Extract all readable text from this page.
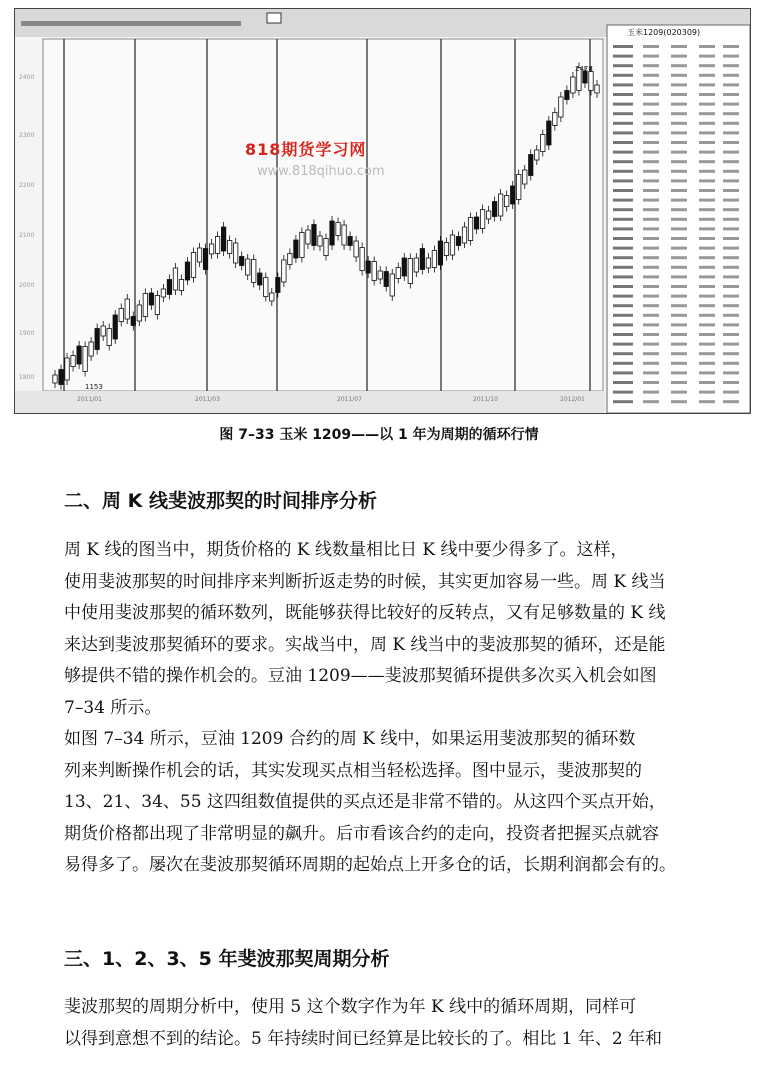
2400
2300
2200
2100
2000
1900
1800
2011/01	2011/03	2011/07	2011/10	2012/01
2478
1153
玉米1209(020309)
818期货学习网
www.818qihuo.com
图 7–33 玉米 1209——以 1 年为周期的循环行情
二、周 K 线斐波那契的时间排序分析

周 K 线的图当中，期货价格的 K 线数量相比日 K 线中要少得多了。这样，
使用斐波那契的时间排序来判断折返走势的时候，其实更加容易一些。周 K 线当
中使用斐波那契的循环数列，既能够获得比较好的反转点，又有足够数量的 K 线
来达到斐波那契循环的要求。实战当中，周 K 线当中的斐波那契的循环，还是能
够提供不错的操作机会的。豆油 1209——斐波那契循环提供多次买入机会如图
7–34 所示。

如图 7–34 所示，豆油 1209 合约的周 K 线中，如果运用斐波那契的循环数
列来判断操作机会的话，其实发现买点相当轻松选择。图中显示，斐波那契的
13、21、34、55 这四组数值提供的买点还是非常不错的。从这四个买点开始，
期货价格都出现了非常明显的飙升。后市看该合约的走向，投资者把握买点就容
易得多了。屡次在斐波那契循环周期的起始点上开多仓的话，长期利润都会有的。

三、1、2、3、5 年斐波那契周期分析

斐波那契的周期分析中，使用 5 这个数字作为年 K 线中的循环周期，同样可
以得到意想不到的结论。5 年持续时间已经算是比较长的了。相比 1 年、2 年和
